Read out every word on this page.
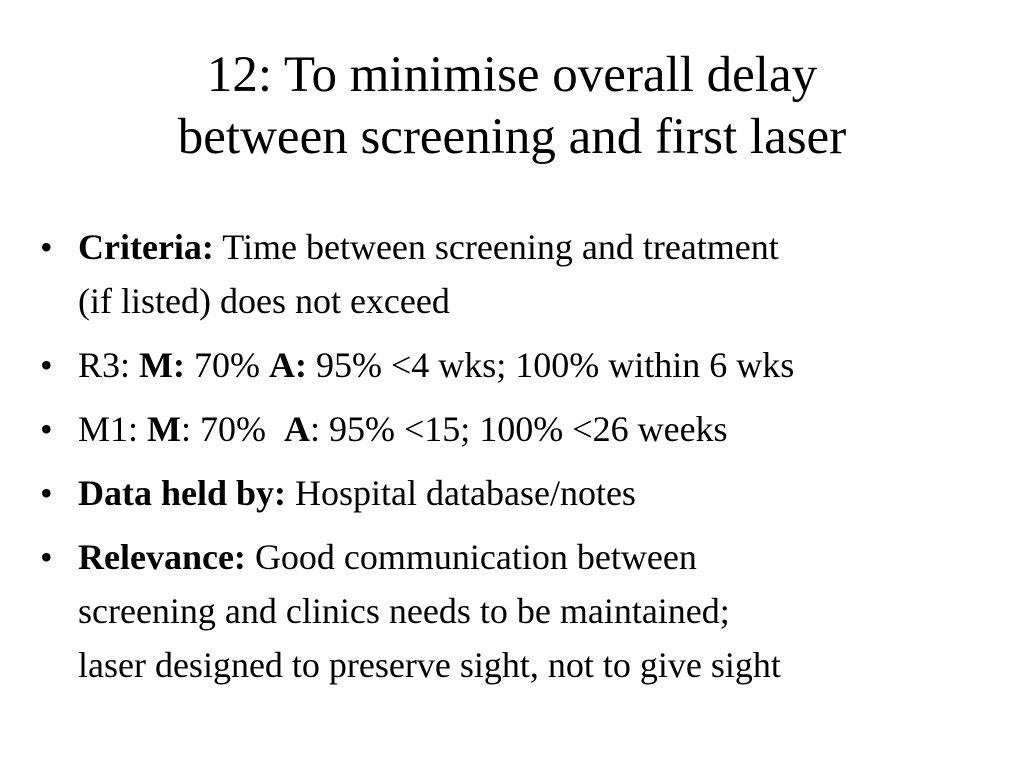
12: To minimise overall delay
between screening and first laser
• Criteria: Time between screening and treatment
(if listed) does not exceed
• R3: M: 70% A: 95% <4 wks; 100% within 6 wks
• M1: M: 70%  A: 95% <15; 100% <26 weeks
• Data held by: Hospital database/notes
• Relevance: Good communication between
screening and clinics needs to be maintained;
laser designed to preserve sight, not to give sight
